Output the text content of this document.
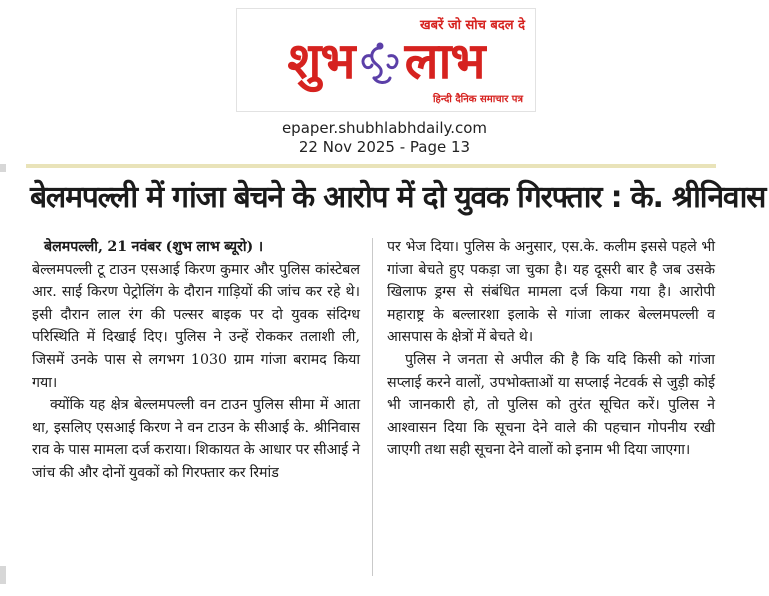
खबरें जो सोच बदल दे
शुभ लाभ
हिन्दी दैनिक समाचार पत्र
epaper.shubhlabhdaily.com
22 Nov 2025 - Page 13
बेलमपल्ली में गांजा बेचने के आरोप में दो युवक गिरफ्तार : के. श्रीनिवास

बेलमपल्ली, 21 नवंबर (शुभ लाभ ब्यूरो) ।

बेल्लमपल्ली टू टाउन एसआई किरण कुमार और पुलिस कांस्टेबल आर. साई किरण पेट्रोलिंग के दौरान गाड़ियों की जांच कर रहे थे। इसी दौरान लाल रंग की पल्सर बाइक पर दो युवक संदिग्ध परिस्थिति में दिखाई दिए। पुलिस ने उन्हें रोककर तलाशी ली, जिसमें उनके पास से लगभग 1030 ग्राम गांजा बरामद किया गया।

क्योंकि यह क्षेत्र बेल्लमपल्ली वन टाउन पुलिस सीमा में आता था, इसलिए एसआई किरण ने वन टाउन के सीआई के. श्रीनिवास राव के पास मामला दर्ज कराया। शिकायत के आधार पर सीआई ने जांच की और दोनों युवकों को गिरफ्तार कर रिमांड

पर भेज दिया। पुलिस के अनुसार, एस.के. कलीम इससे पहले भी गांजा बेचते हुए पकड़ा जा चुका है। यह दूसरी बार है जब उसके खिलाफ ड्रग्स से संबंधित मामला दर्ज किया गया है। आरोपी महाराष्ट्र के बल्लारशा इलाके से गांजा लाकर बेल्लमपल्ली व आसपास के क्षेत्रों में बेचते थे।

पुलिस ने जनता से अपील की है कि यदि किसी को गांजा सप्लाई करने वालों, उपभोक्ताओं या सप्लाई नेटवर्क से जुड़ी कोई भी जानकारी हो, तो पुलिस को तुरंत सूचित करें। पुलिस ने आश्वासन दिया कि सूचना देने वाले की पहचान गोपनीय रखी जाएगी तथा सही सूचना देने वालों को इनाम भी दिया जाएगा।
